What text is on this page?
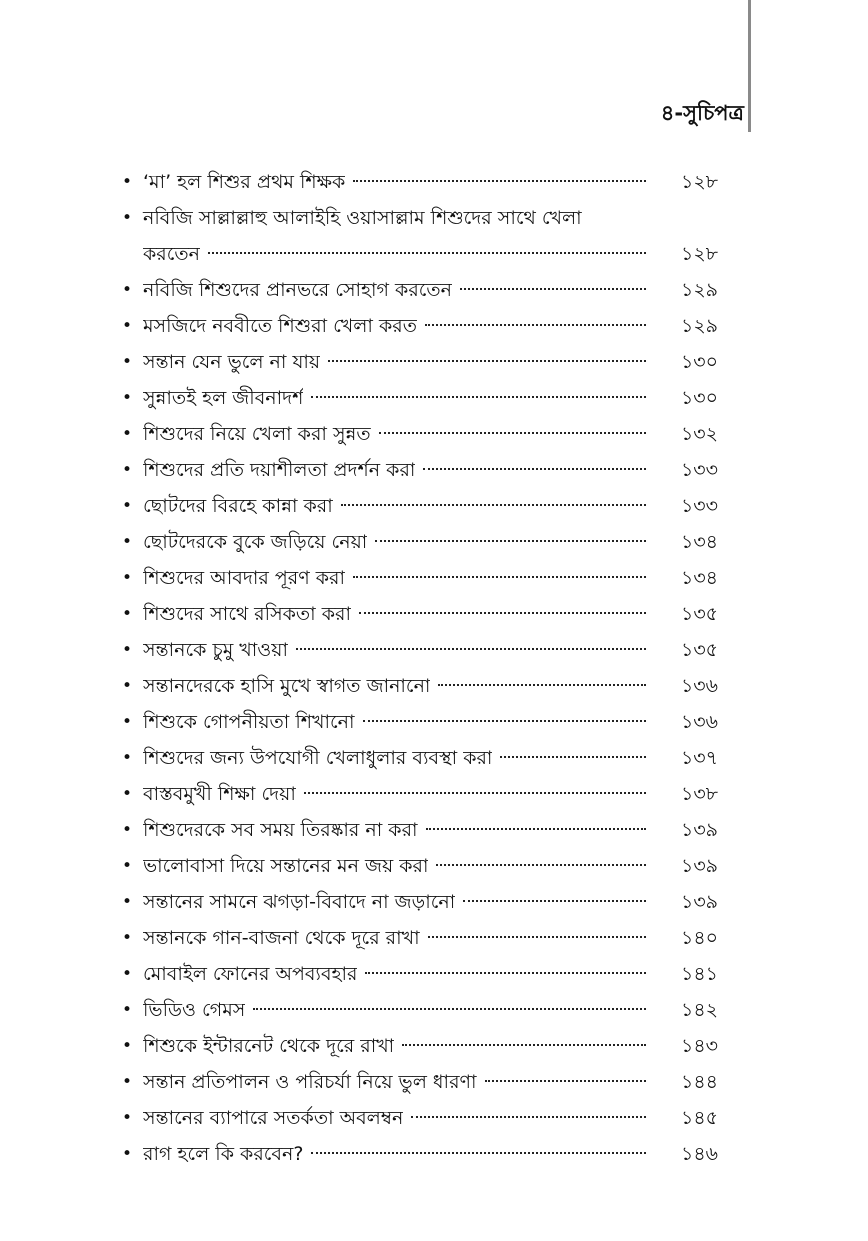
৪-সুচিপত্র
• ‘মা’ হল শিশুর প্রথম শিক্ষক	১২৮
• নবিজি সাল্লাল্লাহু আলাইহি ওয়াসাল্লাম শিশুদের সাথে খেলা
করতেন	১২৮
• নবিজি শিশুদের প্রানভরে সোহাগ করতেন	১২৯
• মসজিদে নববীতে শিশুরা খেলা করত	১২৯
• সন্তান যেন ভুলে না যায়	১৩০
• সুন্নাতই হল জীবনাদর্শ	১৩০
• শিশুদের নিয়ে খেলা করা সুন্নত	১৩২
• শিশুদের প্রতি দয়াশীলতা প্রদর্শন করা	১৩৩
• ছোটদের বিরহে কান্না করা	১৩৩
• ছোটদেরকে বুকে জড়িয়ে নেয়া	১৩৪
• শিশুদের আবদার পূরণ করা	১৩৪
• শিশুদের সাথে রসিকতা করা	১৩৫
• সন্তানকে চুমু খাওয়া	১৩৫
• সন্তানদেরকে হাসি মুখে স্বাগত জানানো	১৩৬
• শিশুকে গোপনীয়তা শিখানো	১৩৬
• শিশুদের জন্য উপযোগী খেলাধুলার ব্যবস্থা করা	১৩৭
• বাস্তবমুখী শিক্ষা দেয়া	১৩৮
• শিশুদেরকে সব সময় তিরষ্কার না করা	১৩৯
• ভালোবাসা দিয়ে সন্তানের মন জয় করা	১৩৯
• সন্তানের সামনে ঝগড়া-বিবাদে না জড়ানো	১৩৯
• সন্তানকে গান-বাজনা থেকে দূরে রাখা	১৪০
• মোবাইল ফোনের অপব্যবহার	১৪১
• ভিডিও গেমস	১৪২
• শিশুকে ইন্টারনেট থেকে দূরে রাখা	১৪৩
• সন্তান প্রতিপালন ও পরিচর্যা নিয়ে ভুল ধারণা	১৪৪
• সন্তানের ব্যাপারে সতর্কতা অবলম্বন	১৪৫
• রাগ হলে কি করবেন?	১৪৬
